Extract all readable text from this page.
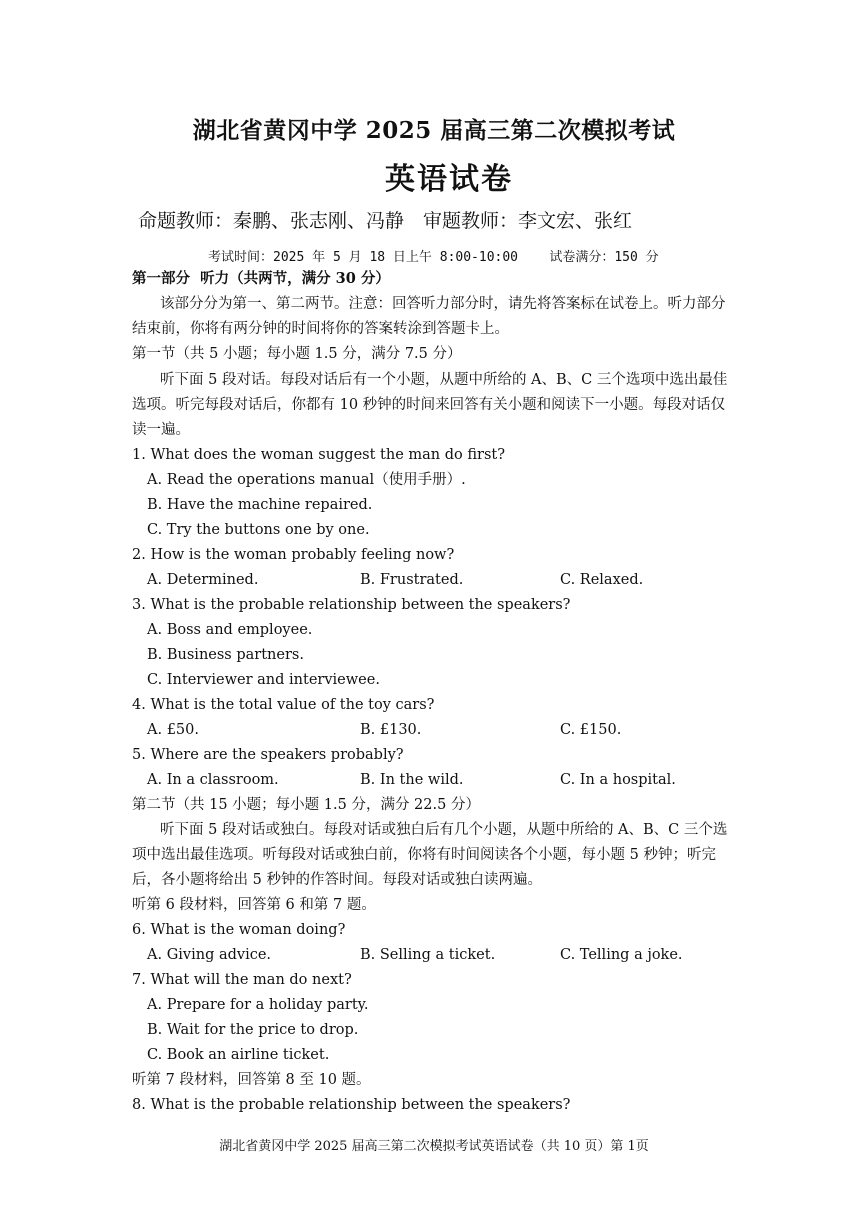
湖北省黄冈中学 2025 届高三第二次模拟考试
英语试卷
命题教师：秦鹏、张志刚、冯静　审题教师：李文宏、张红
考试时间：2025 年 5 月 18 日上午 8:00-10:00 试卷满分：150 分
第一部分  听力（共两节，满分 30 分）
该部分分为第一、第二两节。注意：回答听力部分时，请先将答案标在试卷上。听力部分结束前，你将有两分钟的时间将你的答案转涂到答题卡上。
第一节（共 5 小题；每小题 1.5 分，满分 7.5 分）
听下面 5 段对话。每段对话后有一个小题，从题中所给的 A、B、C 三个选项中选出最佳选项。听完每段对话后，你都有 10 秒钟的时间来回答有关小题和阅读下一小题。每段对话仅读一遍。
1. What does the woman suggest the man do first?
A. Read the operations manual（使用手册）.
B. Have the machine repaired.
C. Try the buttons one by one.
2. How is the woman probably feeling now?
A. Determined.	B. Frustrated.	C. Relaxed.
3. What is the probable relationship between the speakers?
A. Boss and employee.
B. Business partners.
C. Interviewer and interviewee.
4. What is the total value of the toy cars?
A. £50.	B. £130.	C. £150.
5. Where are the speakers probably?
A. In a classroom.	B. In the wild.	C. In a hospital.
第二节（共 15 小题；每小题 1.5 分，满分 22.5 分）
听下面 5 段对话或独白。每段对话或独白后有几个小题，从题中所给的 A、B、C 三个选项中选出最佳选项。听每段对话或独白前，你将有时间阅读各个小题，每小题 5 秒钟；听完后，各小题将给出 5 秒钟的作答时间。每段对话或独白读两遍。
听第 6 段材料，回答第 6 和第 7 题。
6. What is the woman doing?
A. Giving advice.	B. Selling a ticket.	C. Telling a joke.
7. What will the man do next?
A. Prepare for a holiday party.
B. Wait for the price to drop.
C. Book an airline ticket.
听第 7 段材料，回答第 8 至 10 题。
8. What is the probable relationship between the speakers?
湖北省黄冈中学 2025 届高三第二次模拟考试英语试卷（共 10 页）第 1页
